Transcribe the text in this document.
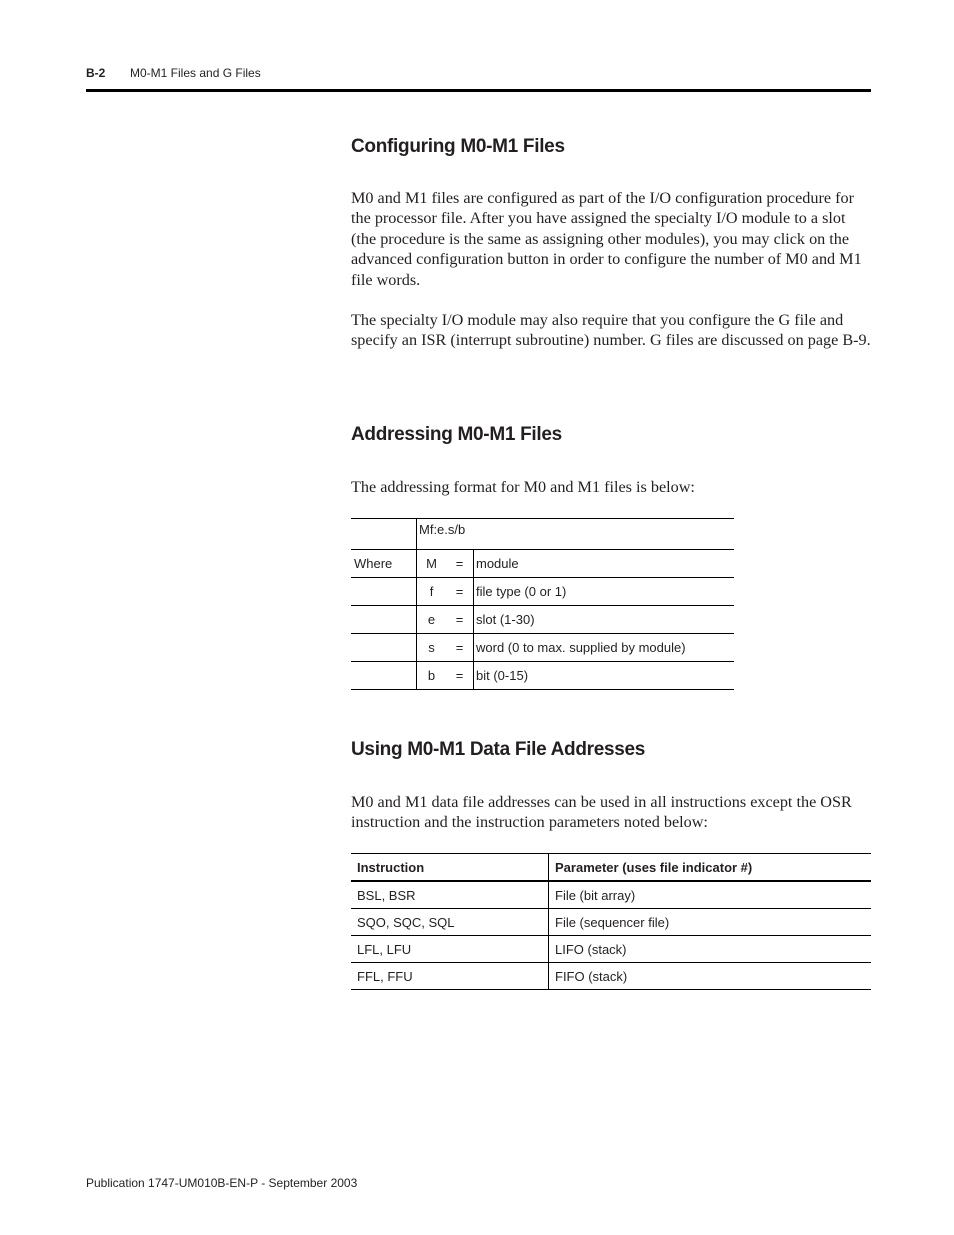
B-2 M0-M1 Files and G Files
Configuring M0-M1 Files

M0 and M1 files are configured as part of the I/O configuration procedure for the processor file. After you have assigned the specialty I/O module to a slot (the procedure is the same as assigning other modules), you may click on the advanced configuration button in order to configure the number of M0 and M1 file words.

The specialty I/O module may also require that you configure the G file and specify an ISR (interrupt subroutine) number. G files are discussed on page B-9.

Addressing M0-M1 Files

The addressing format for M0 and M1 files is below:

	Mf:e.s/b		
Where	M	=	module
	f	=	file type (0 or 1)
	e	=	slot (1-30)
	s	=	word (0 to max. supplied by module)
	b	=	bit (0-15)
Using M0-M1 Data File Addresses

M0 and M1 data file addresses can be used in all instructions except the OSR instruction and the instruction parameters noted below:

Instruction	Parameter (uses file indicator #)
BSL, BSR	File (bit array)
SQO, SQC, SQL	File (sequencer file)
LFL, LFU	LIFO (stack)
FFL, FFU	FIFO (stack)
Publication 1747-UM010B-EN-P - September 2003
